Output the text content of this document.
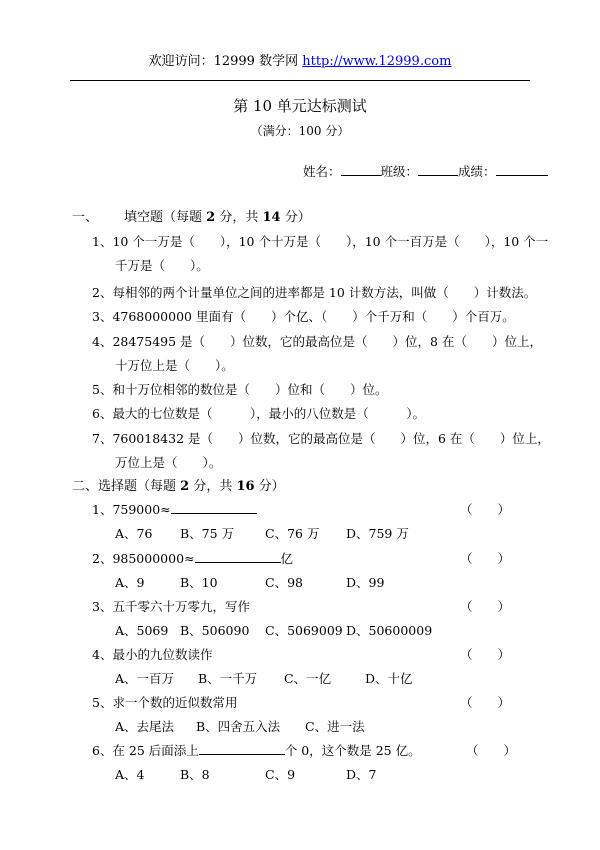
欢迎访问：12999 数学网 http://www.12999.com
第 10 单元达标测试
（满分：100 分）
姓名：	班级：	成绩：
一、 填空题（每题 2 分，共 14 分）
1、10 个一万是（　　），10 个十万是（　　），10 个一百万是（　　），10 个一
千万是（　　）。
2、每相邻的两个计量单位之间的进率都是 10 计数方法，叫做（　　）计数法。
3、4768000000 里面有（　　）个亿、（　　）个千万和（　　）个百万。
4、28475495 是（　　）位数，它的最高位是（　　）位，8 在（　　）位上，
十万位上是（　　）。
5、和十万位相邻的数位是（　　）位和（　　）位。
6、最大的七位数是（　　　），最小的八位数是（　　　）。
7、760018432 是（　　）位数，它的最高位是（　　）位，6 在（　　）位上，
万位上是（　　）。
二、选择题（每题 2 分，共 16 分）
1、759000≈	（　　）
A、76 B、75 万 C、76 万 D、759 万
2、985000000≈	亿	（　　）
A、9	B、10	C、98	D、99
3、五千零六十万零九，写作	（　　）
A、5069 B、506090 C、5069009 D、50600009
4、最小的九位数读作	（　　）
A、一百万 B、一千万 C、一亿	D、十亿
5、求一个数的近似数常用	（　　）
A、去尾法 B、四舍五入法 C、进一法
6、在 25 后面添上	个 0，这个数是 25 亿。	（　　）
A、4	B、8	C、9	D、7
